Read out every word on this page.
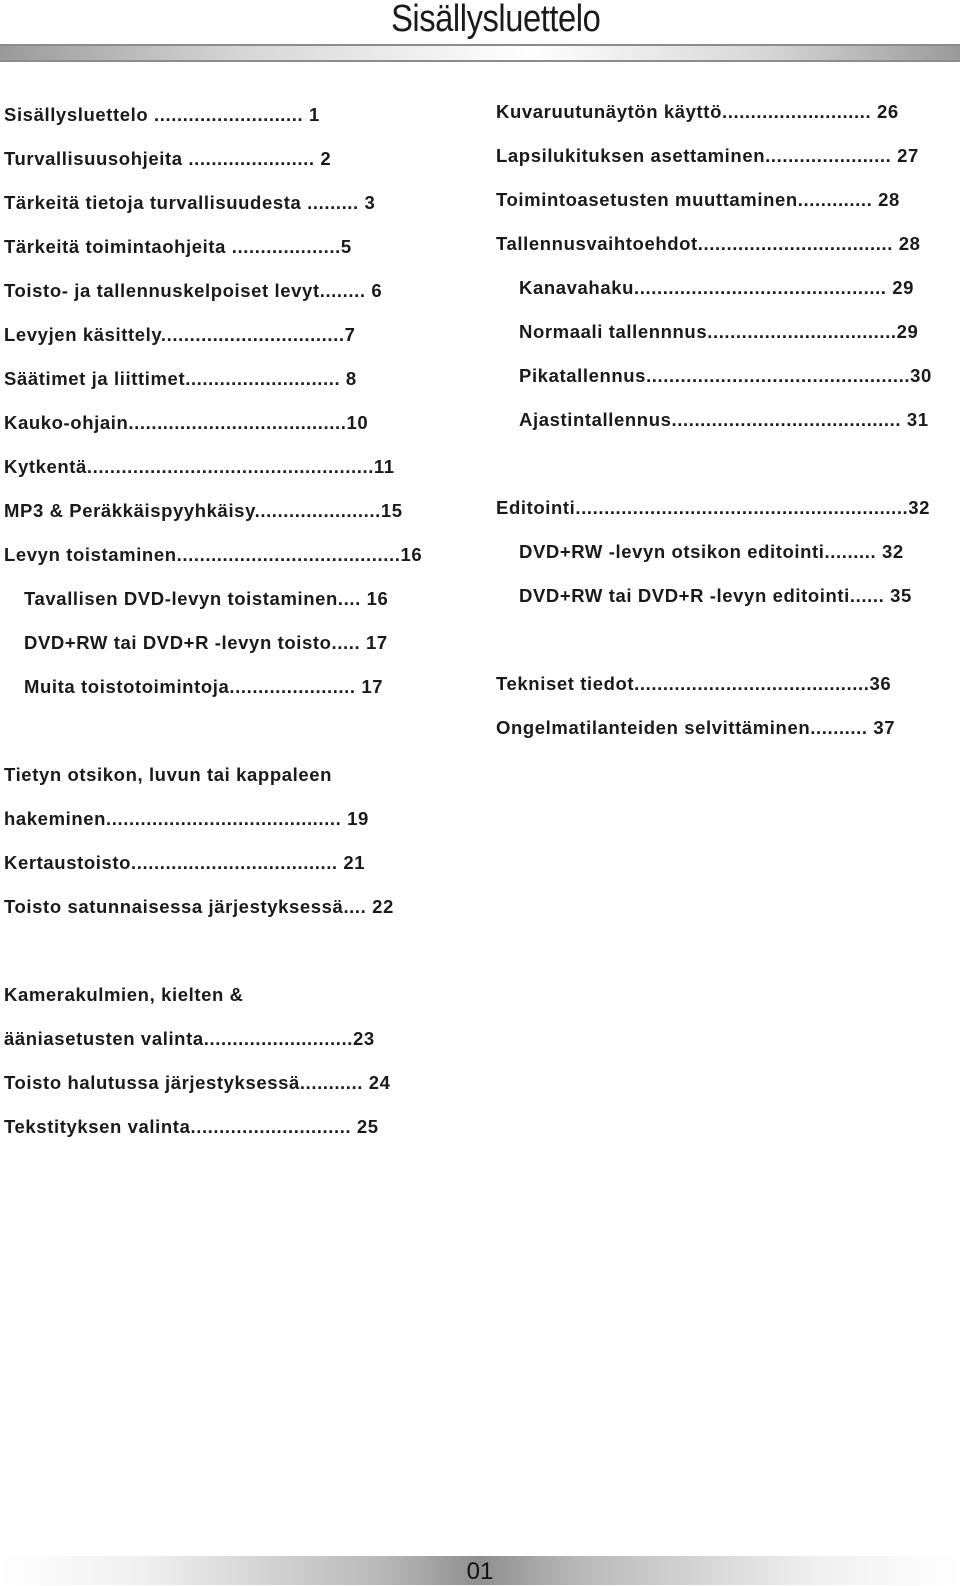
Sisällysluettelo
Sisällysluettelo .......................... 1
Turvallisuusohjeita ...................... 2
Tärkeitä tietoja turvallisuudesta ......... 3
Tärkeitä toimintaohjeita ...................5
Toisto- ja tallennuskelpoiset levyt........ 6
Levyjen käsittely................................7
Säätimet ja liittimet........................... 8
Kauko-ohjain......................................10
Kytkentä..................................................11
MP3 & Peräkkäispyyhkäisy......................15
Levyn toistaminen.......................................16
Tavallisen DVD-levyn toistaminen.... 16
DVD+RW tai DVD+R -levyn toisto..... 17
Muita toistotoimintoja...................... 17
Tietyn otsikon, luvun tai kappaleen
hakeminen......................................... 19
Kertaustoisto.................................... 21
Toisto satunnaisessa järjestyksessä.... 22
Kamerakulmien, kielten &
ääniasetusten valinta..........................23
Toisto halutussa järjestyksessä........... 24
Tekstityksen valinta............................ 25
Kuvaruutunäytön käyttö.......................... 26
Lapsilukituksen asettaminen...................... 27
Toimintoasetusten muuttaminen............. 28
Tallennusvaihtoehdot.................................. 28
Kanavahaku............................................ 29
Normaali tallennnus.................................29
Pikatallennus..............................................30
Ajastintallennus........................................ 31
Editointi..........................................................32
DVD+RW -levyn otsikon editointi......... 32
DVD+RW tai DVD+R -levyn editointi...... 35
Tekniset tiedot.........................................36
Ongelmatilanteiden selvittäminen.......... 37
01
